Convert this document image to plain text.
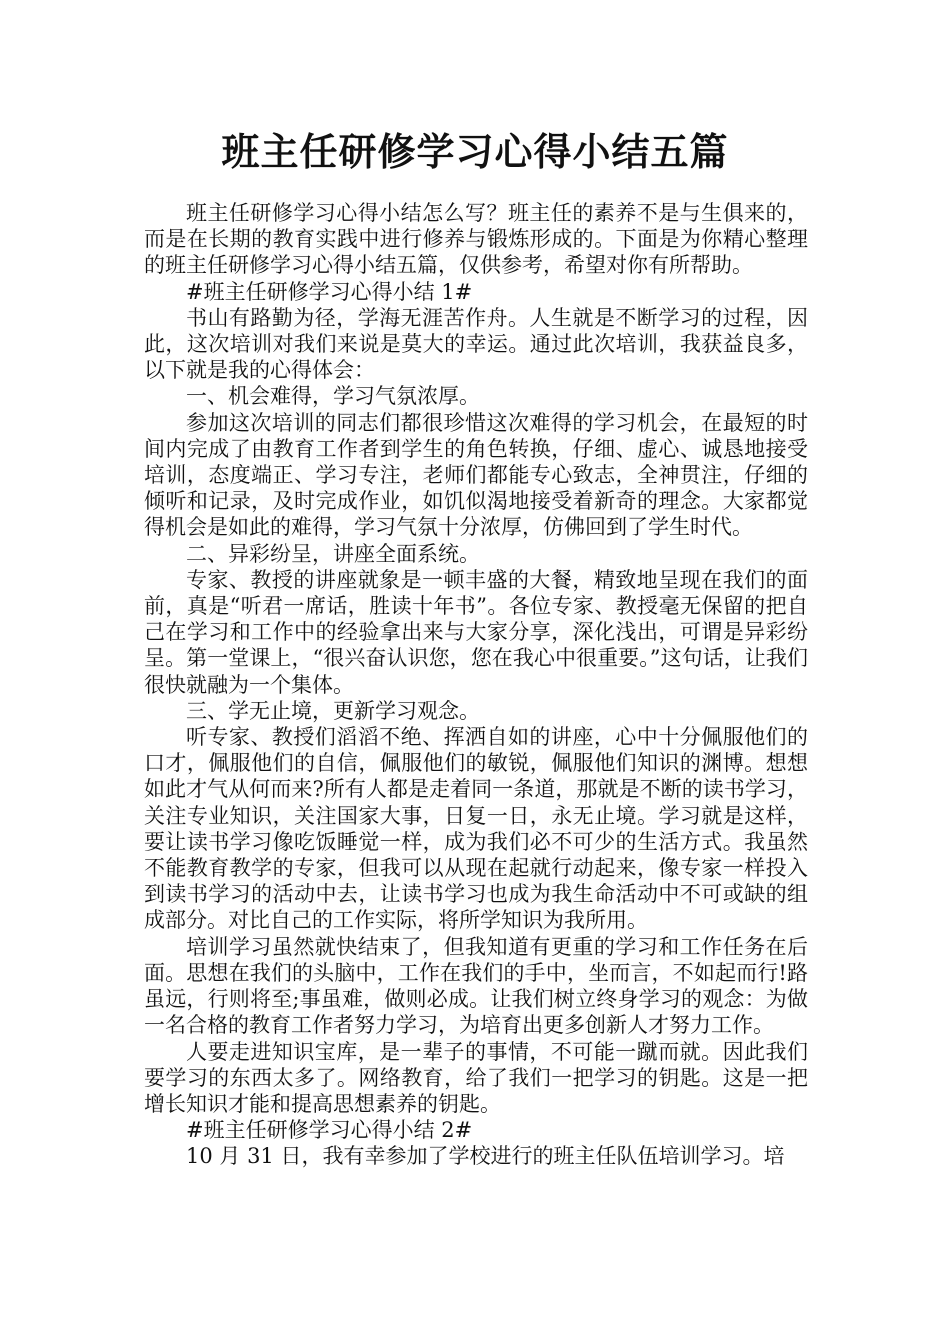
班主任研修学习心得小结五篇

班主任研修学习心得小结怎么写？班主任的素养不是与生俱来的，而是在长期的教育实践中进行修养与锻炼形成的。下面是为你精心整理的班主任研修学习心得小结五篇，仅供参考，希望对你有所帮助。

#班主任研修学习心得小结 1#

书山有路勤为径，学海无涯苦作舟。人生就是不断学习的过程，因此，这次培训对我们来说是莫大的幸运。通过此次培训，我获益良多，以下就是我的心得体会：

一、机会难得，学习气氛浓厚。

参加这次培训的同志们都很珍惜这次难得的学习机会，在最短的时间内完成了由教育工作者到学生的角色转换，仔细、虚心、诚恳地接受培训，态度端正、学习专注，老师们都能专心致志，全神贯注，仔细的倾听和记录，及时完成作业，如饥似渴地接受着新奇的理念。大家都觉得机会是如此的难得，学习气氛十分浓厚，仿佛回到了学生时代。

二、异彩纷呈，讲座全面系统。

专家、教授的讲座就象是一顿丰盛的大餐，精致地呈现在我们的面前，真是“听君一席话，胜读十年书”。各位专家、教授毫无保留的把自己在学习和工作中的经验拿出来与大家分享，深化浅出，可谓是异彩纷呈。第一堂课上，“很兴奋认识您，您在我心中很重要。”这句话，让我们很快就融为一个集体。

三、学无止境，更新学习观念。

听专家、教授们滔滔不绝、挥洒自如的讲座，心中十分佩服他们的口才，佩服他们的自信，佩服他们的敏锐，佩服他们知识的渊博。想想如此才气从何而来?所有人都是走着同一条道，那就是不断的读书学习，关注专业知识，关注国家大事，日复一日，永无止境。学习就是这样，要让读书学习像吃饭睡觉一样，成为我们必不可少的生活方式。我虽然不能教育教学的专家，但我可以从现在起就行动起来，像专家一样投入到读书学习的活动中去，让读书学习也成为我生命活动中不可或缺的组成部分。对比自己的工作实际，将所学知识为我所用。

培训学习虽然就快结束了，但我知道有更重的学习和工作任务在后面。思想在我们的头脑中，工作在我们的手中，坐而言，不如起而行!路虽远，行则将至;事虽难，做则必成。让我们树立终身学习的观念：为做一名合格的教育工作者努力学习，为培育出更多创新人才努力工作。

人要走进知识宝库，是一辈子的事情，不可能一蹴而就。因此我们要学习的东西太多了。网络教育，给了我们一把学习的钥匙。这是一把增长知识才能和提高思想素养的钥匙。

#班主任研修学习心得小结 2#

10 月 31 日，我有幸参加了学校进行的班主任队伍培训学习。培
